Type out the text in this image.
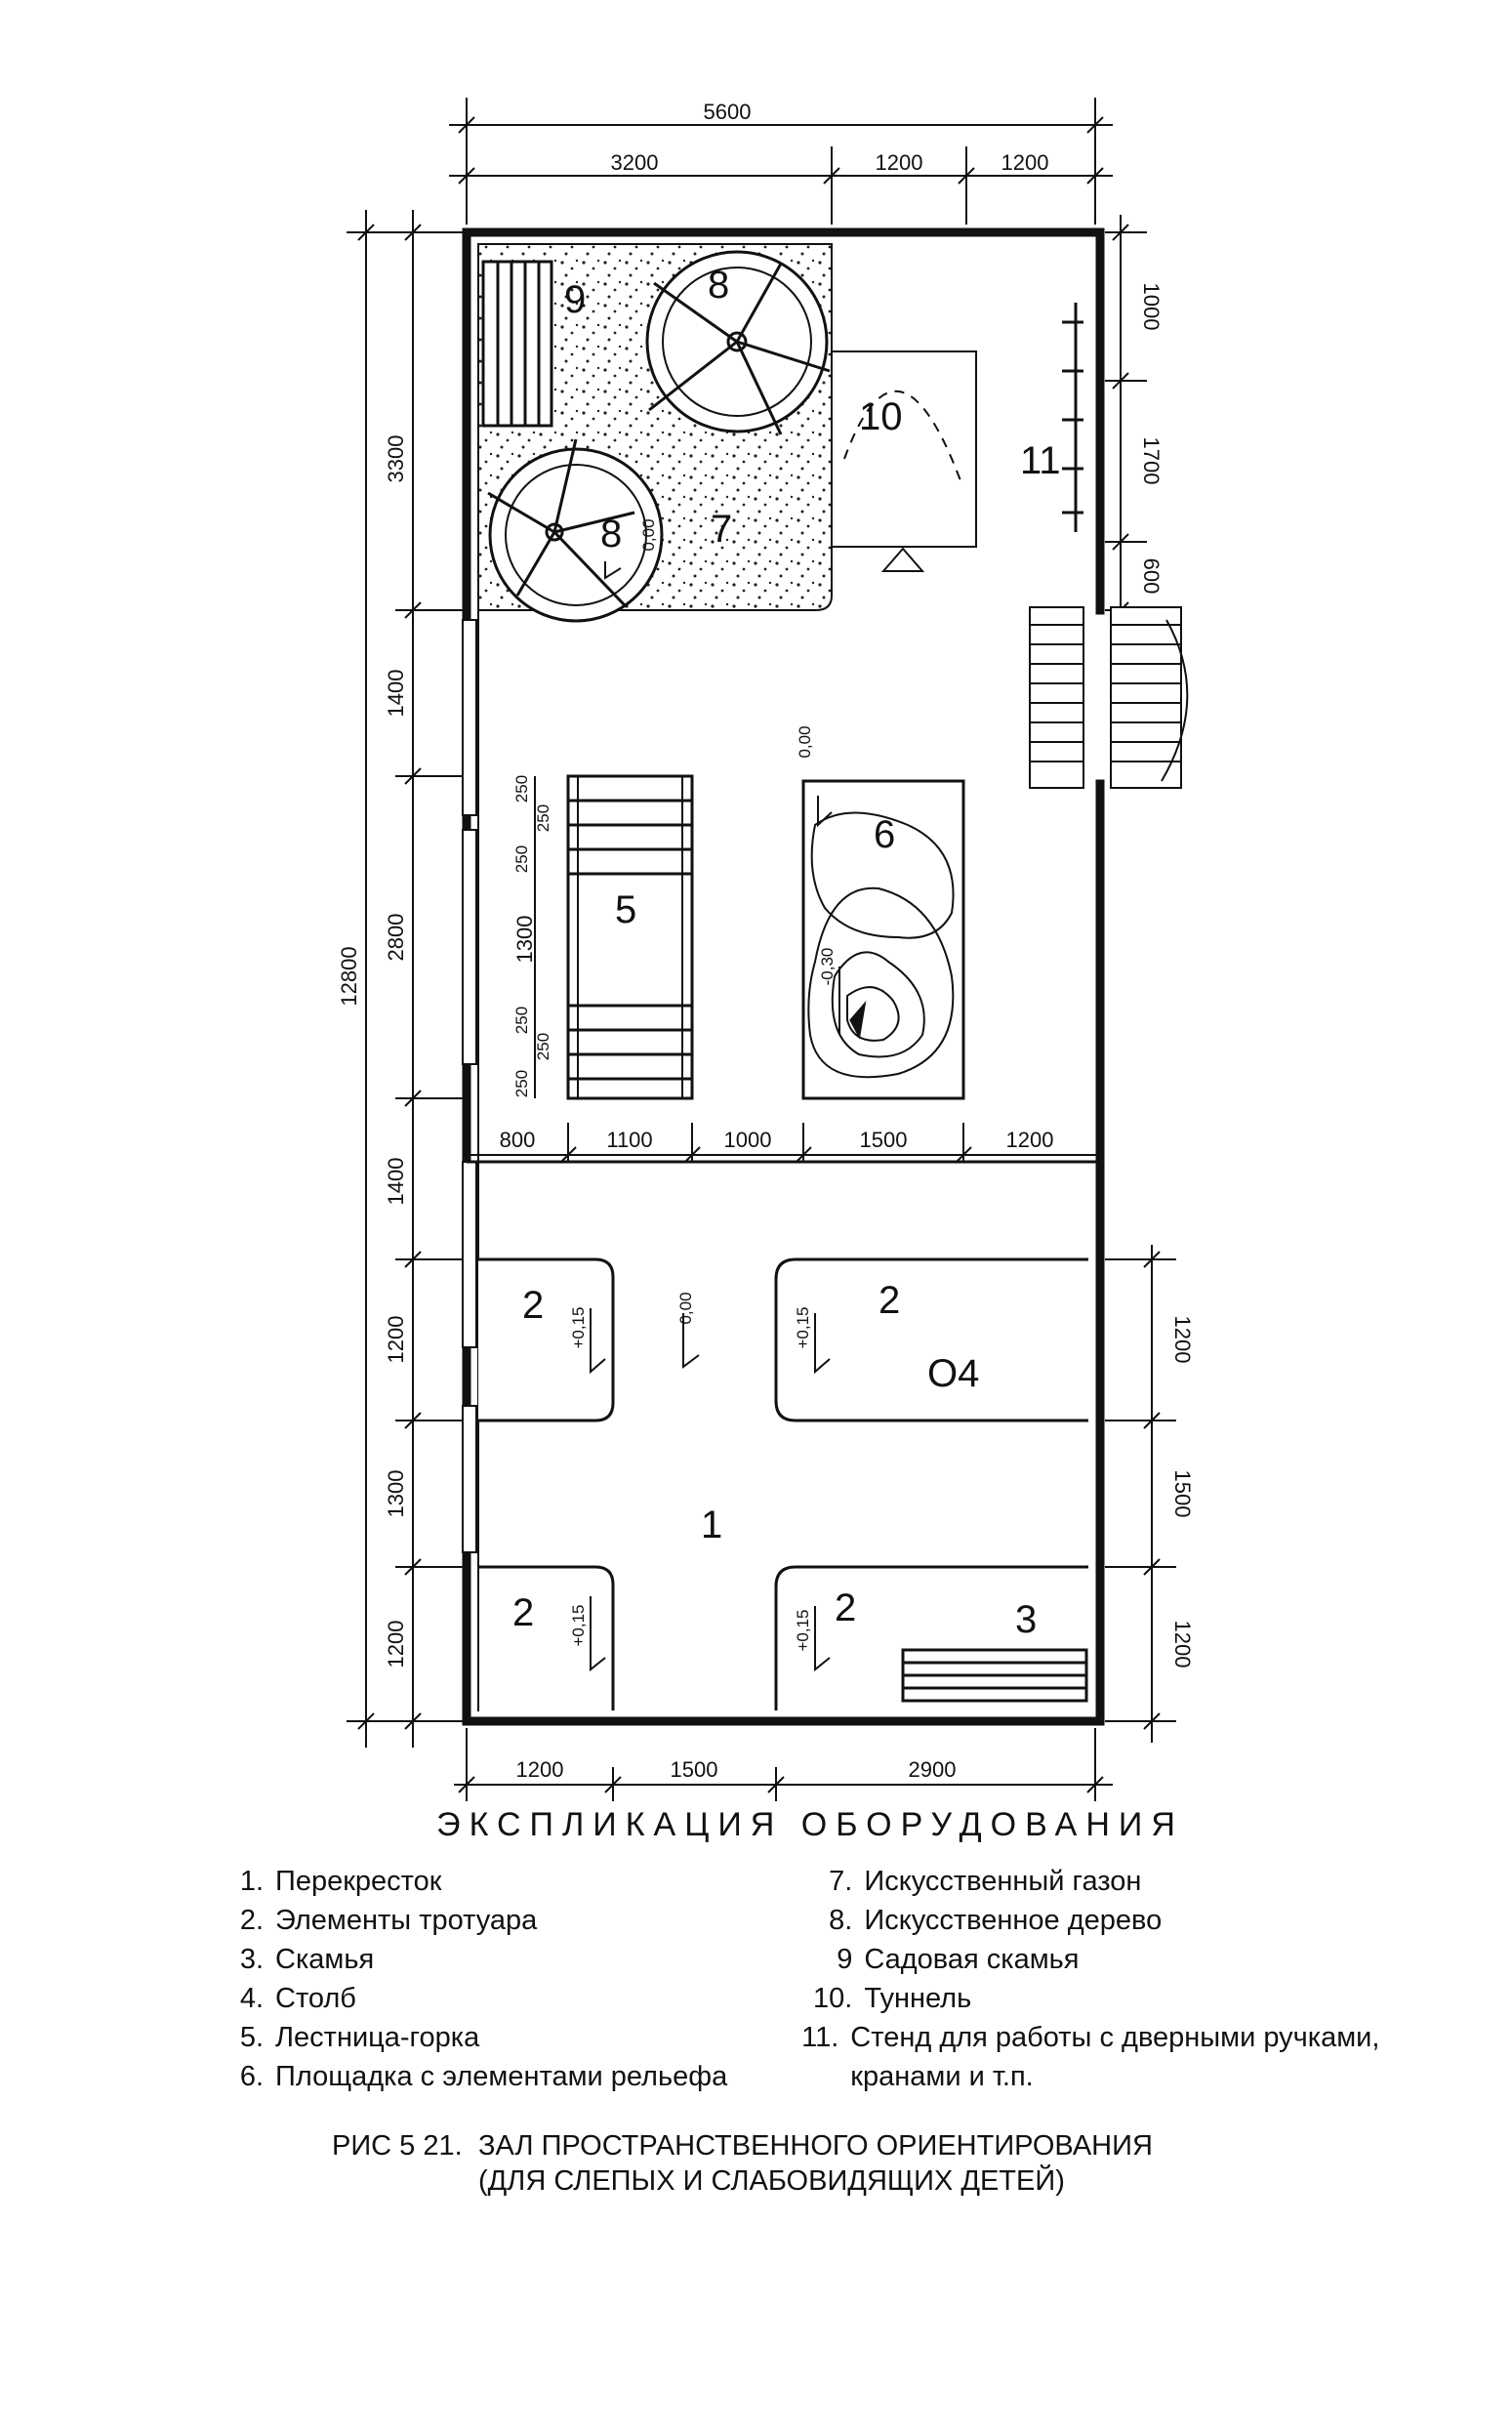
5600
3200	1200	1200
12800
3300
1400
2800
1400
1200
1300
1200
1000
1700
600
1200
1500
1200
800	1100	1000	1500	1200
1200	1500	2900
250
250
250
1300
250
250
250
0,00
0,00
-0,30
0,00
+0,15	+0,15
+0,15	+0,15
9	8
8 7
10
11
5
6
2	2
О4
1
2	2	3
ЭКСПЛИКАЦИЯ ОБОРУДОВАНИЯ
1. Перекресток
2. Элементы тротуара
3. Скамья
4. Столб
5. Лестница-горка
6. Площадка с элементами рельефа
7. Искусственный газон
8. Искусственное дерево
9 Садовая скамья
10. Туннель
11. Стенд для работы с дверными ручками, кранами и т.п.
РИС 5 21. ЗАЛ ПРОСТРАНСТВЕННОГО ОРИЕНТИРОВАНИЯ
(ДЛЯ СЛЕПЫХ И СЛАБОВИДЯЩИХ ДЕТЕЙ)
